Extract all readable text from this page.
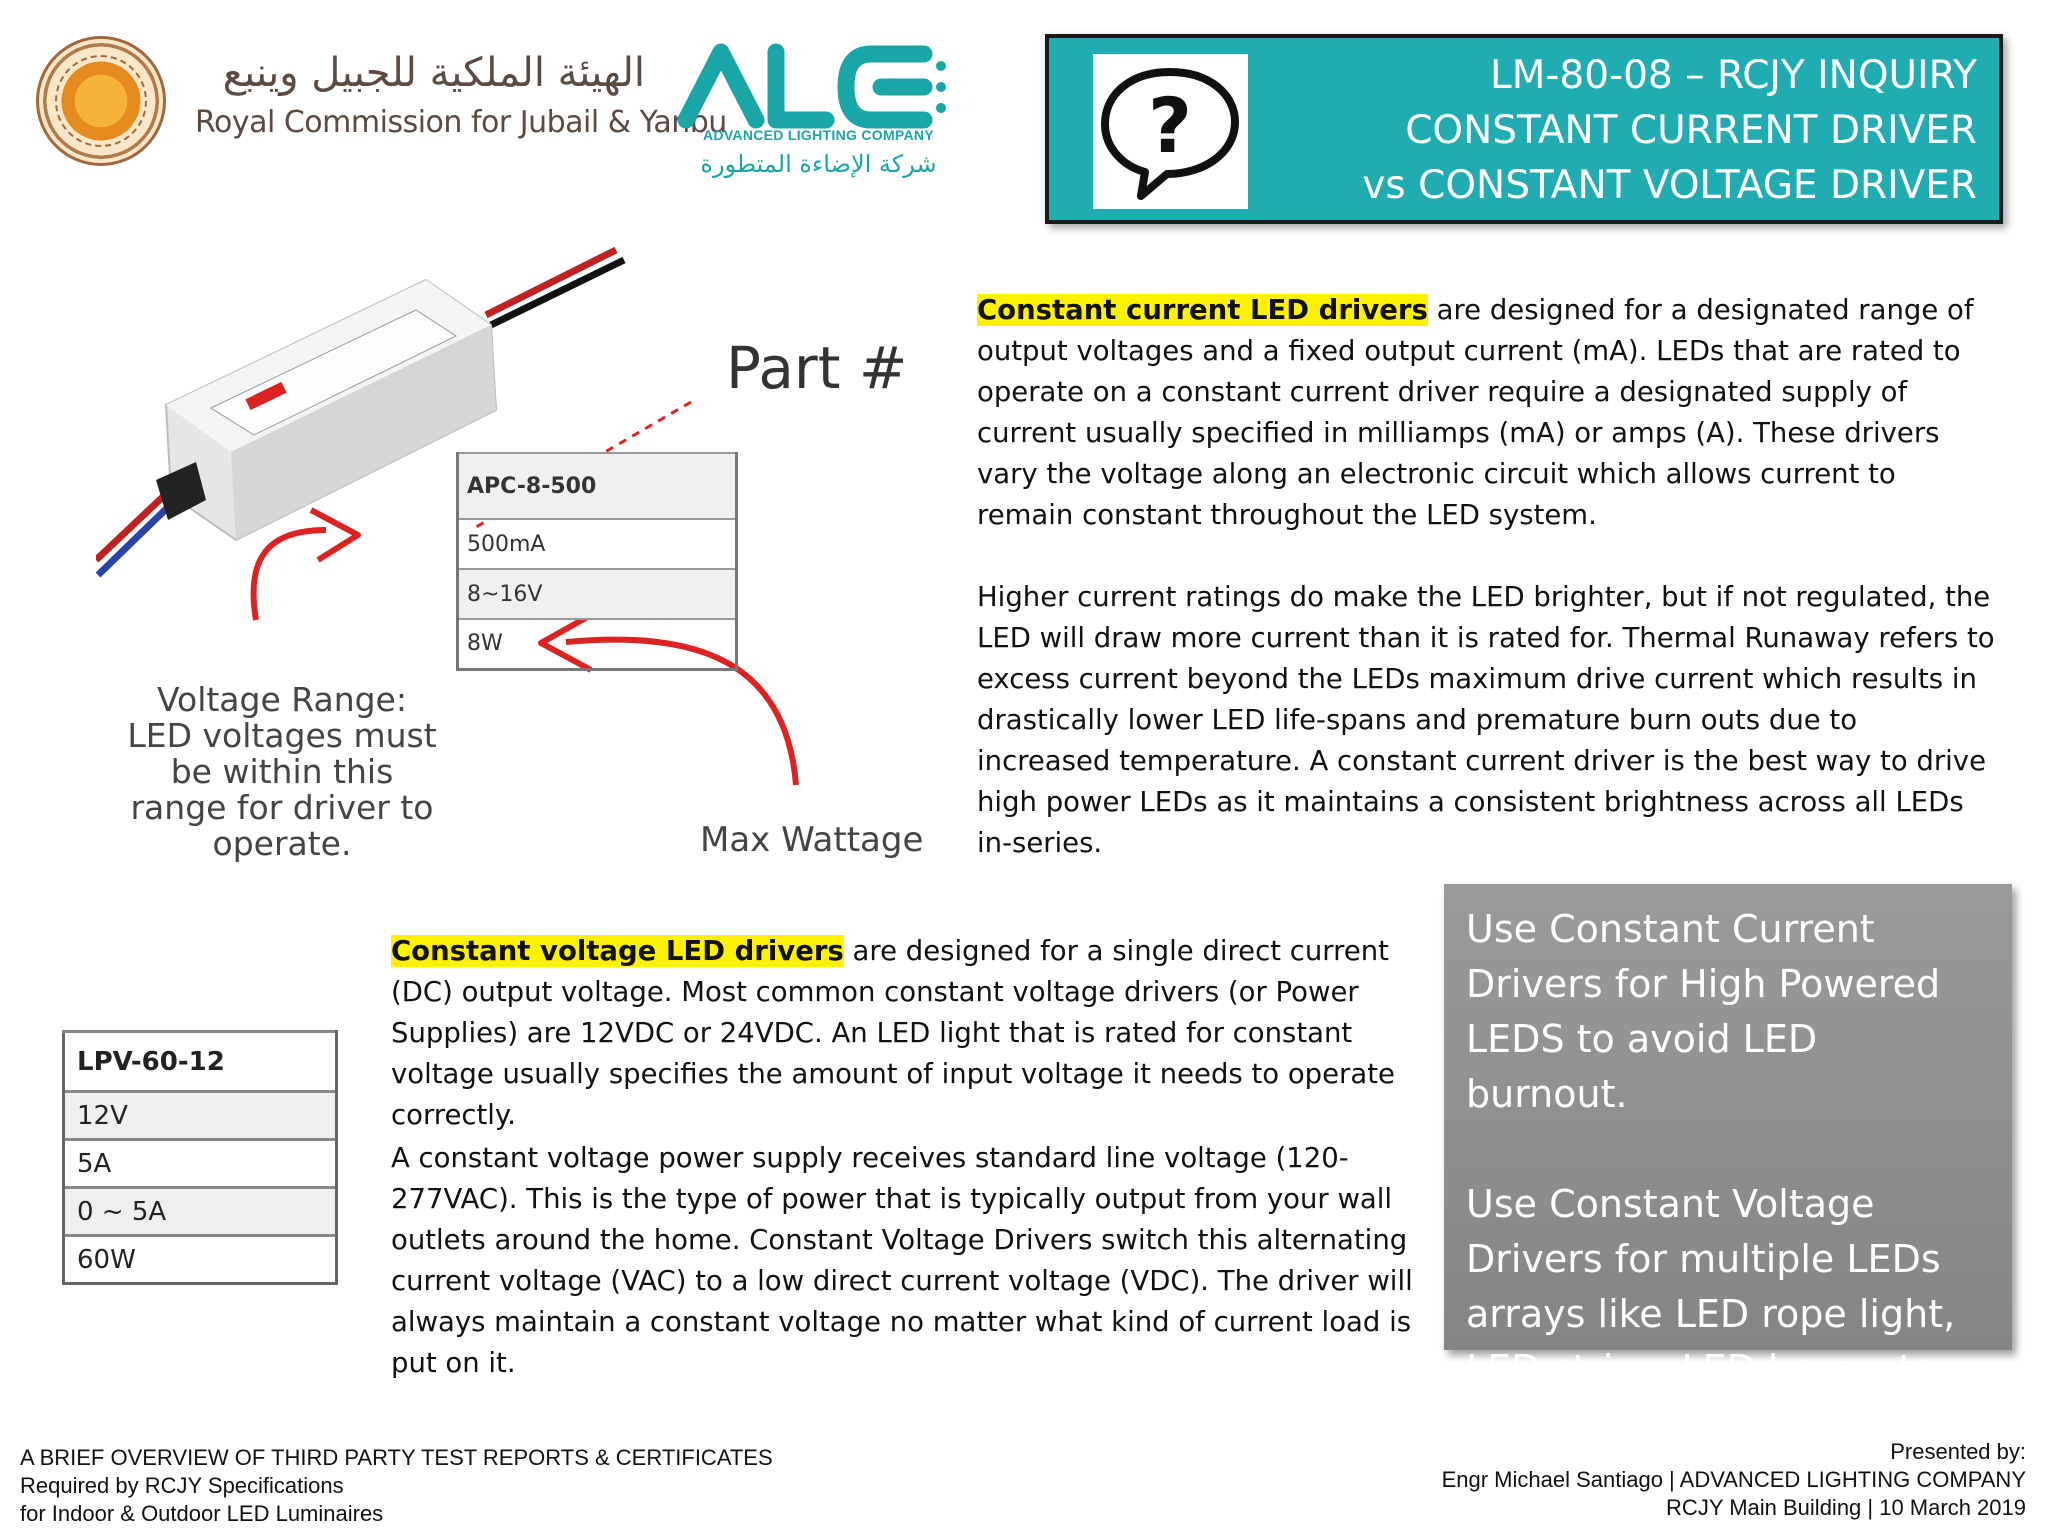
الهيئة الملكية للجبيل وينبع
Royal Commission for Jubail & Yanbu
ADVANCED LIGHTING COMPANY
شركة الإضاءة المتطورة	?
LM-80-08 – RCJY INQUIRY
CONSTANT CURRENT DRIVER
vs CONSTANT VOLTAGE DRIVER
Part #
APC-8-500
500mA
8~16V
8W
Voltage Range:
LED voltages must
be within this
range for driver to
operate.	Max Wattage
Constant current LED drivers are designed for a designated range of output voltages and a fixed output current (mA). LEDs that are rated to operate on a constant current driver require a designated supply of current usually specified in milliamps (mA) or amps (A). These drivers vary the voltage along an electronic circuit which allows current to remain constant throughout the LED system.
Higher current ratings do make the LED brighter, but if not regulated, the LED will draw more current than it is rated for. Thermal Runaway refers to excess current beyond the LEDs maximum drive current which results in drastically lower LED life-spans and premature burn outs due to increased temperature. A constant current driver is the best way to drive high power LEDs as it maintains a consistent brightness across all LEDs in-series.
LPV-60-12
12V
5A
0 ~ 5A
60W
Constant voltage LED drivers are designed for a single direct current (DC) output voltage. Most common constant voltage drivers (or Power Supplies) are 12VDC or 24VDC. An LED light that is rated for constant voltage usually specifies the amount of input voltage it needs to operate correctly.
A constant voltage power supply receives standard line voltage (120-277VAC). This is the type of power that is typically output from your wall outlets around the home. Constant Voltage Drivers switch this alternating current voltage (VAC) to a low direct current voltage (VDC). The driver will always maintain a constant voltage no matter what kind of current load is put on it.

Use Constant Current Drivers for High Powered LEDS to avoid LED burnout.

Use Constant Voltage Drivers for multiple LEDs arrays like LED rope light, LED strips, LED bars, etc.

A BRIEF OVERVIEW OF THIRD PARTY TEST REPORTS & CERTIFICATES
Required by RCJY Specifications
for Indoor & Outdoor LED Luminaires
Presented by:
Engr Michael Santiago | ADVANCED LIGHTING COMPANY
RCJY Main Building | 10 March 2019
